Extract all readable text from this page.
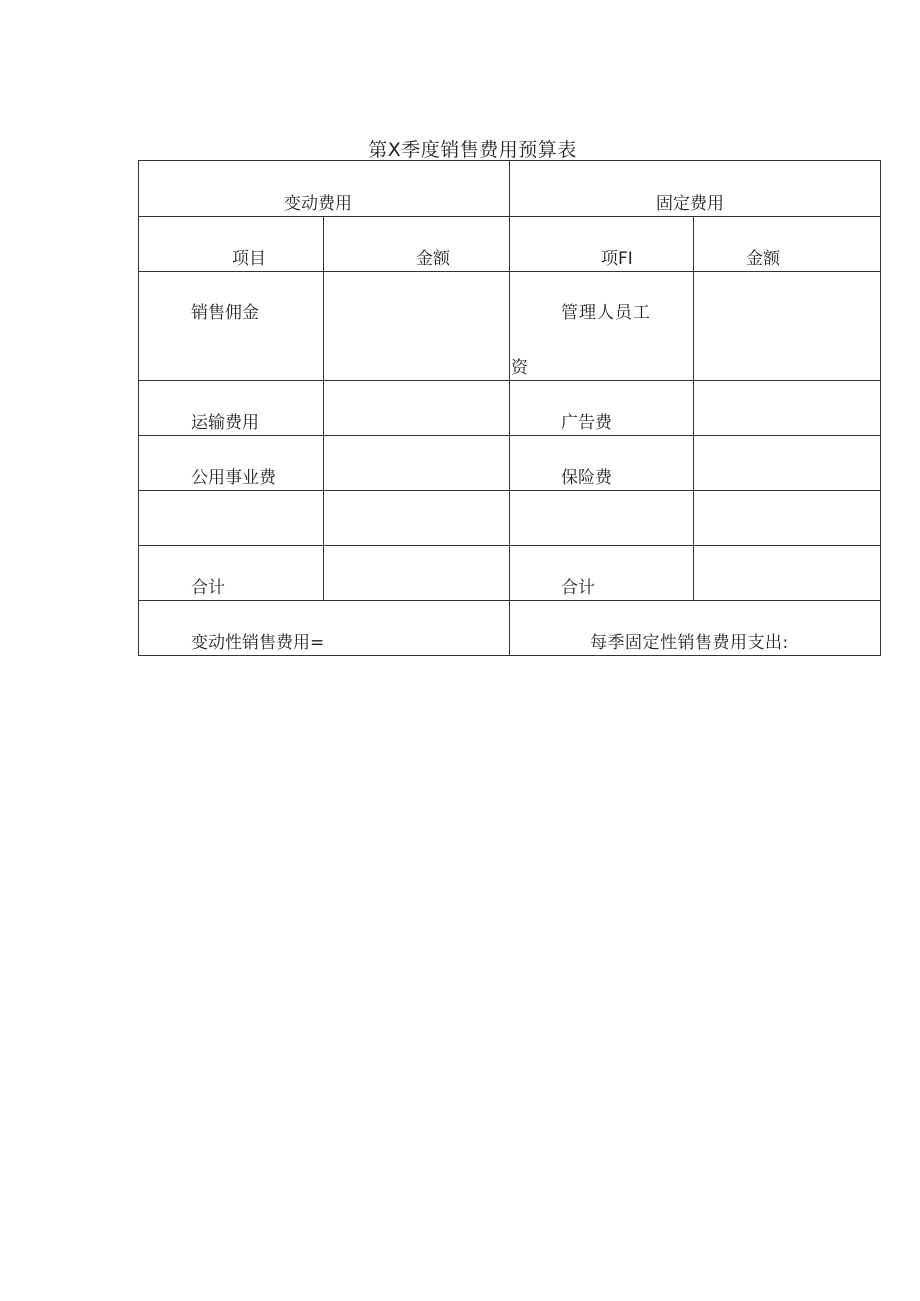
第X季度销售费用预算表
变动费用		固定费用	

项目	金额	项FI	金额

销售佣金		管理人员工
资	

运输费用		广告费	

公用事业费		保险费	

合计		合计	

变动性销售费用=		每季固定性销售费用支出:	
